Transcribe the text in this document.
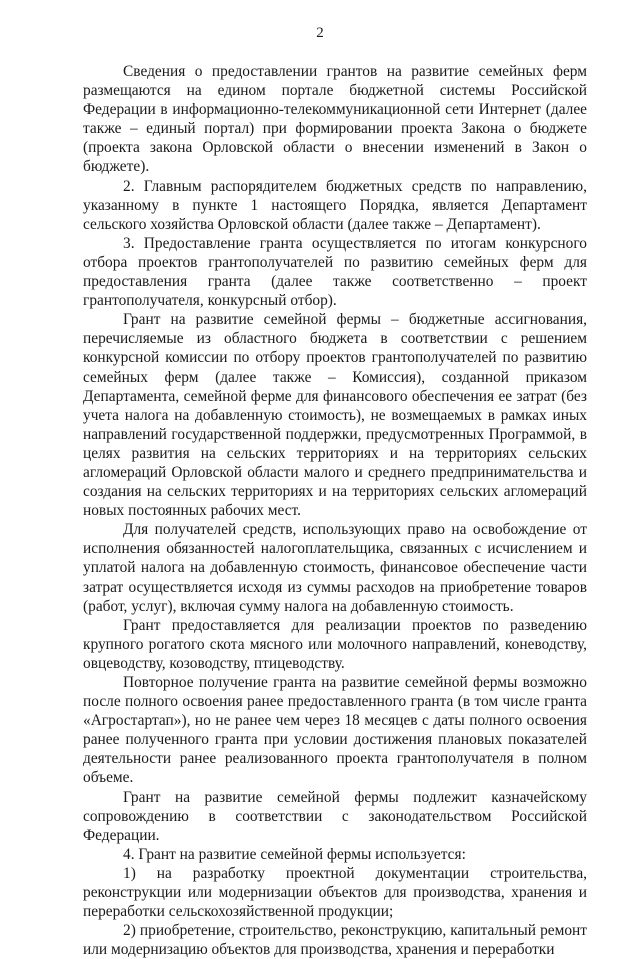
2

Сведения о предоставлении грантов на развитие семейных ферм размещаются на едином портале бюджетной системы Российской Федерации в информационно-телекоммуникационной сети Интернет (далее также – единый портал) при формировании проекта Закона о бюджете (проекта закона Орловской области о внесении изменений в Закон о бюджете).

2. Главным распорядителем бюджетных средств по направлению, указанному в пункте 1 настоящего Порядка, является Департамент сельского хозяйства Орловской области (далее также – Департамент).

3. Предоставление гранта осуществляется по итогам конкурсного отбора проектов грантополучателей по развитию семейных ферм для предоставления гранта (далее также соответственно – проект грантополучателя, конкурсный отбор).

Грант на развитие семейной фермы – бюджетные ассигнования, перечисляемые из областного бюджета в соответствии с решением конкурсной комиссии по отбору проектов грантополучателей по развитию семейных ферм (далее также – Комиссия), созданной приказом Департамента, семейной ферме для финансового обеспечения ее затрат (без учета налога на добавленную стоимость), не возмещаемых в рамках иных направлений государственной поддержки, предусмотренных Программой, в целях развития на сельских территориях и на территориях сельских агломераций Орловской области малого и среднего предпринимательства и создания на сельских территориях и на территориях сельских агломераций новых постоянных рабочих мест.

Для получателей средств, использующих право на освобождение от исполнения обязанностей налогоплательщика, связанных с исчислением и уплатой налога на добавленную стоимость, финансовое обеспечение части затрат осуществляется исходя из суммы расходов на приобретение товаров (работ, услуг), включая сумму налога на добавленную стоимость.

Грант предоставляется для реализации проектов по разведению крупного рогатого скота мясного или молочного направлений, коневодству, овцеводству, козоводству, птицеводству.

Повторное получение гранта на развитие семейной фермы возможно после полного освоения ранее предоставленного гранта (в том числе гранта «Агростартап»), но не ранее чем через 18 месяцев с даты полного освоения ранее полученного гранта при условии достижения плановых показателей деятельности ранее реализованного проекта грантополучателя в полном объеме.

Грант на развитие семейной фермы подлежит казначейскому сопровождению в соответствии с законодательством Российской Федерации.

4. Грант на развитие семейной фермы используется:

1) на разработку проектной документации строительства, реконструкции или модернизации объектов для производства, хранения и переработки сельскохозяйственной продукции;

2) приобретение, строительство, реконструкцию, капитальный ремонт или модернизацию объектов для производства, хранения и переработки
